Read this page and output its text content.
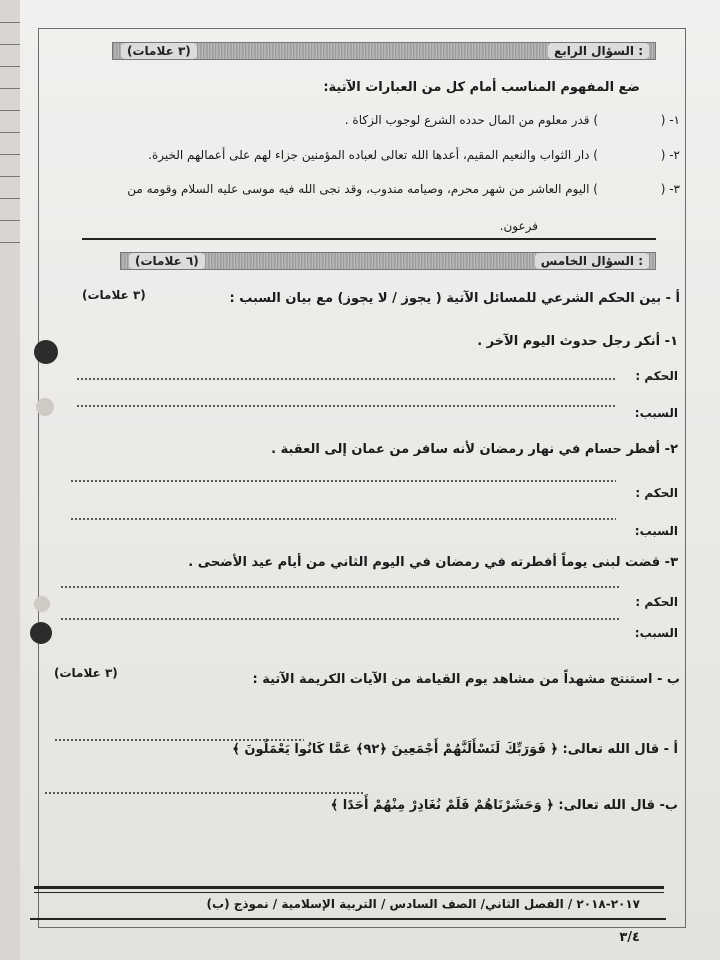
السؤال الرابع :
(٣ علامات)
ضع المفهوم المناسب أمام كل من العبارات الآتية:
١- (
) قدر معلوم من المال حدده الشرع لوجوب الزكاة .
٢- (
) دار الثواب والنعيم المقيم، أعدها الله تعالى لعباده المؤمنين جزاء لهم على أعمالهم الخيرة.
٣- (
) اليوم العاشر من شهر محرم، وصيامه مندوب، وقد نجى الله فيه موسى عليه السلام وقومه من
فرعون.
السؤال الخامس :
(٦ علامات)
أ - بين الحكم الشرعي للمسائل الآتية ( يجوز / لا يجوز) مع بيان السبب :
(٣ علامات)
١- أنكر رجل حدوث اليوم الآخر .
الحكم :
السبب:
٢- أفطر حسام في نهار رمضان لأنه سافر من عمان إلى العقبة .
الحكم :
السبب:
٣- قضت لبنى يوماً أفطرته في رمضان في اليوم الثاني من أيام عيد الأضحى .
الحكم :
السبب:
ب - استنتج مشهداً من مشاهد يوم القيامة من الآيات الكريمة الآتية :
(٣ علامات)
أ - قال الله تعالى: ﴿ فَوَرَبِّكَ لَنَسْأَلَنَّهُمْ أَجْمَعِينَ ﴿٩٢﴾ عَمَّا كَانُوا يَعْمَلُونَ ﴾
ب- قال الله تعالى: ﴿ وَحَشَرْنَاهُمْ فَلَمْ نُغَادِرْ مِنْهُمْ أَحَدًا ﴾
٢٠١٧-٢٠١٨ / الفصل الثاني/ الصف السادس / التربية الإسلامية / نموذج (ب)
٣/٤
